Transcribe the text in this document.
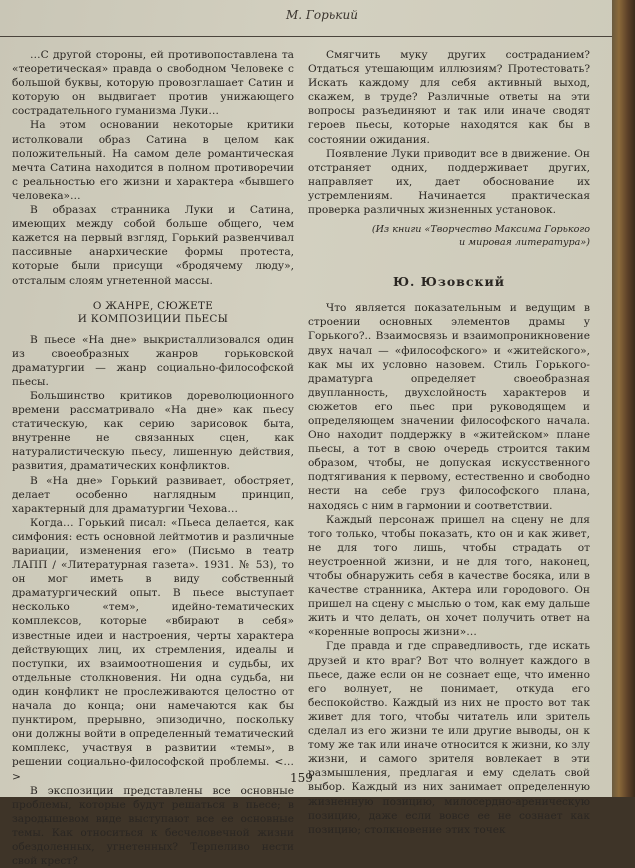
М. Горький

…С другой стороны, ей противопоставлена та «теоретическая» правда о свободном Человеке с большой буквы, которую провозглашает Сатин и которую он выдвигает против унижающего сострадательного гуманизма Луки…

На этом основании некоторые критики истолковали образ Сатина в целом как положительный. На самом деле романтическая мечта Сатина находится в полном противоречии с реальностью его жизни и характера «бывшего человека»…

В образах странника Луки и Сатина, имеющих между собой больше общего, чем кажется на первый взгляд, Горький развенчивал пассивные анархические формы протеста, которые были присущи «бродячему люду», отсталым слоям угнетенной массы.

О ЖАНРЕ, СЮЖЕТЕ
И КОМПОЗИЦИИ ПЬЕСЫ

В пьесе «На дне» выкристаллизовался один из своеобразных жанров горьковской драматургии — жанр социально-философской пьесы.

Большинство критиков дореволюционного времени рассматривало «На дне» как пьесу статическую, как серию зарисовок быта, внутренне не связанных сцен, как натуралистическую пьесу, лишенную действия, развития, драматических конфликтов.

В «На дне» Горький развивает, обостряет, делает особенно наглядным принцип, характерный для драматургии Чехова…

Когда… Горький писал: «Пьеса делается, как симфония: есть основной лейтмотив и различные вариации, изменения его» (Письмо в театр ЛАПП / «Литературная газета». 1931. № 53), то он мог иметь в виду собственный драматургический опыт. В пьесе выступает несколько «тем», идейно-тематических комплексов, которые «вбирают в себя» известные идеи и настроения, черты характера действующих лиц, их стремления, идеалы и поступки, их взаимоотношения и судьбы, их отдельные столкновения. Ни одна судьба, ни один конфликт не прослеживаются целостно от начала до конца; они намечаются как бы пунктиром, прерывно, эпизодично, поскольку они должны войти в определенный тематический комплекс, участвуя в развитии «темы», в решении социально-философской проблемы. <…>

В экспозиции представлены все основные проблемы, которые будут решаться в пьесе; в зародышевом виде выступают все ее основные темы. Как относиться к бесчеловечной жизни обездоленных, угнетенных? Терпеливо нести свой крест?

Смягчить муку других состраданием? Отдаться утешающим иллюзиям? Протестовать? Искать каждому для себя активный выход, скажем, в труде? Различные ответы на эти вопросы разъединяют и так или иначе сводят героев пьесы, которые находятся как бы в состоянии ожидания.

Появление Луки приводит все в движение. Он отстраняет одних, поддерживает других, направляет их, дает обоснование их устремлениям. Начинается практическая проверка различных жизненных установок.

(Из книги «Творчество Максима Горького
и мировая литература»)
Ю. Юзовский

Что является показательным и ведущим в строении основных элементов драмы у Горького?.. Взаимосвязь и взаимопроникновение двух начал — «философского» и «житейского», как мы их условно назовем. Стиль Горького-драматурга определяет своеобразная двупланность, двухслойность характеров и сюжетов его пьес при руководящем и определяющем значении философского начала. Оно находит поддержку в «житейском» плане пьесы, а тот в свою очередь строится таким образом, чтобы, не допуская искусственного подтягивания к первому, естественно и свободно нести на себе груз философского плана, находясь с ним в гармонии и соответствии.

Каждый персонаж пришел на сцену не для того только, чтобы показать, кто он и как живет, не для того лишь, чтобы страдать от неустроенной жизни, и не для того, наконец, чтобы обнаружить себя в качестве босяка, или в качестве странника, Актера или городового. Он пришел на сцену с мыслью о том, как ему дальше жить и что делать, он хочет получить ответ на «коренные вопросы жизни»…

Где правда и где справедливость, где искать друзей и кто враг? Вот что волнует каждого в пьесе, даже если он не сознает еще, что именно его волнует, не понимает, откуда его беспокойство. Каждый из них не просто вот так живет для того, чтобы читатель или зритель сделал из его жизни те или другие выводы, он к тому же так или иначе относится к жизни, ко злу жизни, и самого зрителя вовлекает в эти размышления, предлагая и ему сделать свой выбор. Каждый из них занимает определенную жизненную позицию, милосердно-ареническую позицию, даже если вовсе ее не сознает как позицию; столкновение этих точек

159
